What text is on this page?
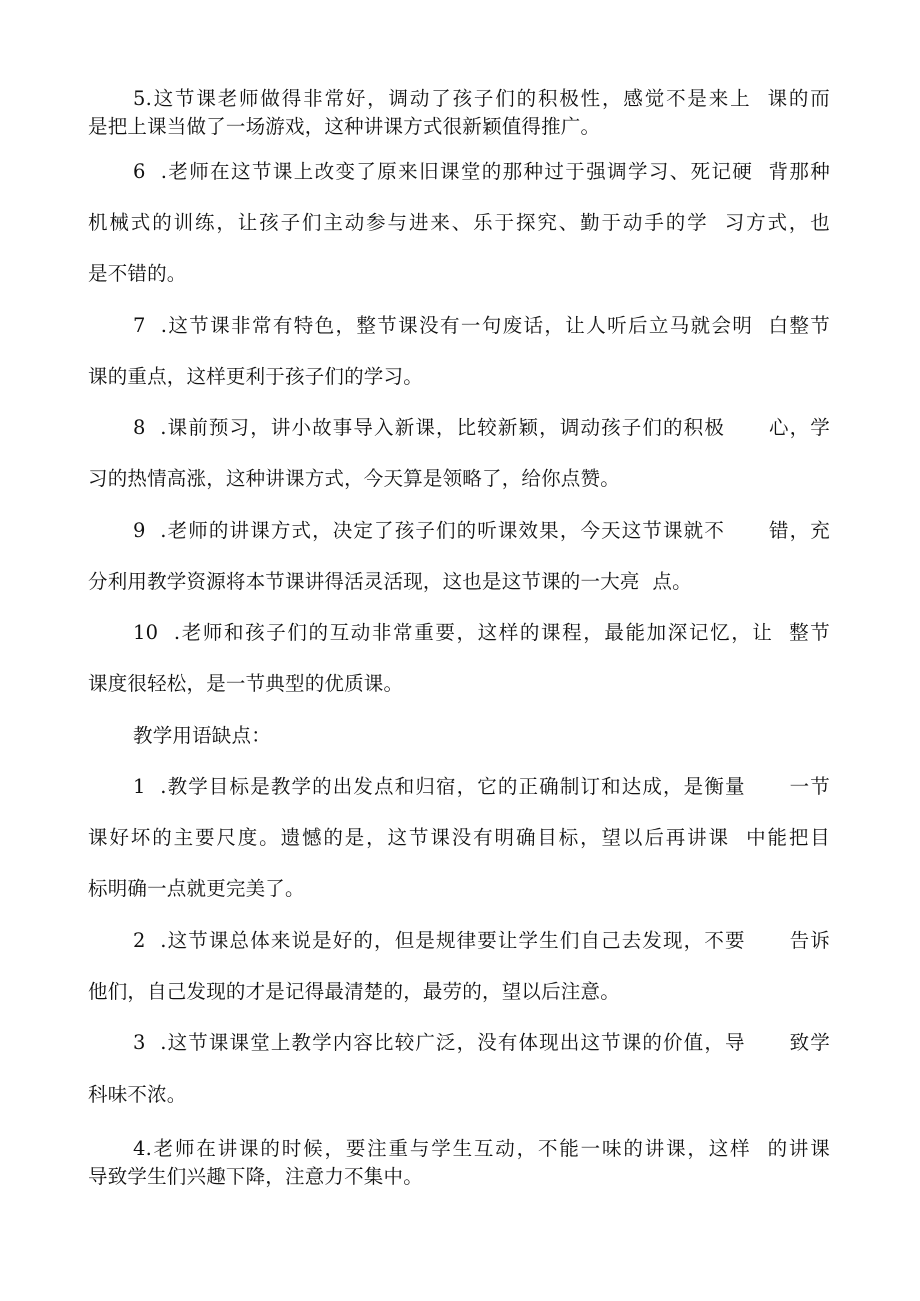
5.这节课老师做得非常好，调动了孩子们的积极性，感觉不是来上  课的而
是把上课当做了一场游戏，这种讲课方式很新颖值得推广。
6  .老师在这节课上改变了原来旧课堂的那种过于强调学习、死记硬  背那种
机械式的训练，让孩子们主动参与进来、乐于探究、勤于动手的学  习方式，也
是不错的。
7  .这节课非常有特色，整节课没有一句废话，让人听后立马就会明  白整节
课的重点，这样更利于孩子们的学习。
8  .课前预习，讲小故事导入新课，比较新颖，调动孩子们的积极      心，学
习的热情高涨，这种讲课方式，今天算是领略了，给你点赞。
9  .老师的讲课方式，决定了孩子们的听课效果，今天这节课就不      错，充
分利用教学资源将本节课讲得活灵活现，这也是这节课的一大亮  点。
10  .老师和孩子们的互动非常重要，这样的课程，最能加深记忆，让  整节
课度很轻松，是一节典型的优质课。
教学用语缺点：
1  .教学目标是教学的出发点和归宿，它的正确制订和达成，是衡量      一节
课好坏的主要尺度。遗憾的是，这节课没有明确目标，望以后再讲课  中能把目
标明确一点就更完美了。
2  .这节课总体来说是好的，但是规律要让学生们自己去发现，不要      告诉
他们，自己发现的才是记得最清楚的，最劳的，望以后注意。
3  .这节课课堂上教学内容比较广泛，没有体现出这节课的价值，导      致学
科味不浓。
4.老师在讲课的时候，要注重与学生互动，不能一味的讲课，这样  的讲课
导致学生们兴趣下降，注意力不集中。
